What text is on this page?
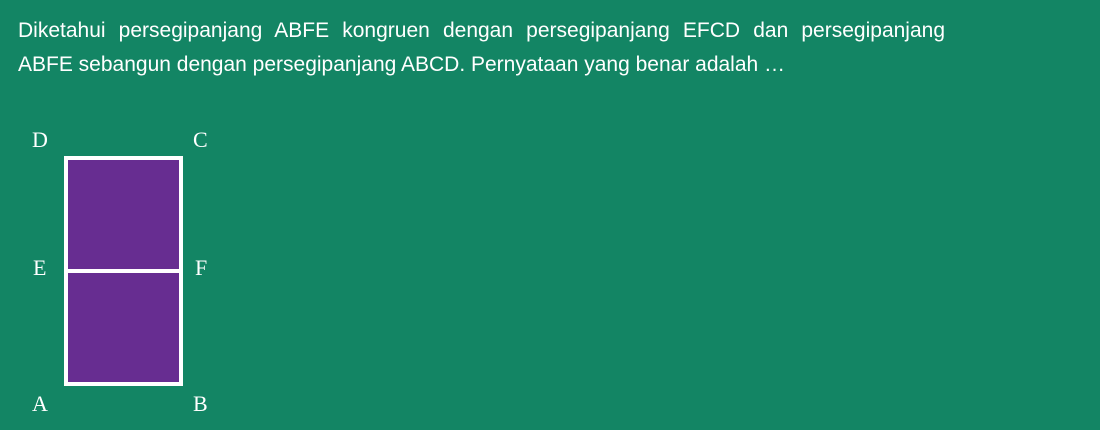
Diketahui persegipanjang ABFE kongruen dengan persegipanjang EFCD dan persegipanjang ABFE sebangun dengan persegipanjang ABCD. Pernyataan yang benar adalah …

D	C
E	F
A	B
